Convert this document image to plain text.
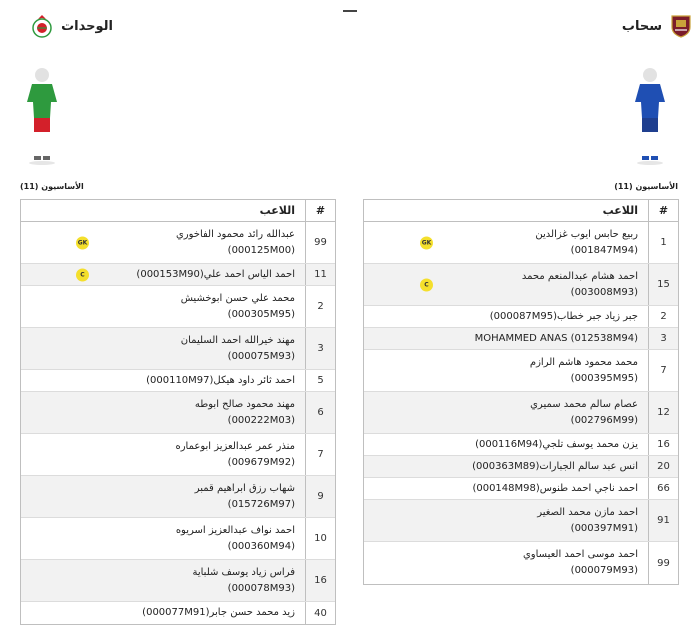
سحاب
الوحدات
الأساسيون (11)
الأساسيون (11)
#
اللاعب
1
ربيع حابس ايوب غزالدين
(001847M94)
GK
15
احمد هشام عبدالمنعم محمد
(003008M93)
C
2
جبر زياد جبر خطاب(000087M95)
3
MOHAMMED ANAS (012538M94)
7
محمد محمود هاشم الرازم
(000395M95)
12
عصام سالم محمد سميري
(002796M99)
16
يزن محمد يوسف تلجي(000116M94)
20
انس عبد سالم الجبارات(000363M89)
66
احمد ناجي احمد طنوس(000148M98)
91
احمد مازن محمد الصغير
(000397M91)
99
احمد موسى احمد العيساوي
(000079M93)
#
اللاعب
99
عبدالله رائد محمود الفاخوري
(000125M00)
GK
11
احمد الياس احمد علي(000153M90)
C
2
محمد علي حسن ابوخشيش
(000305M95)
3
مهند خيرالله احمد السليمان
(000075M93)
5
احمد ثائر داود هيكل(000110M97)
6
مهند محمود صالح ابوطه
(000222M03)
7
منذر عمر عبدالعزيز ابوعماره
(009679M92)
9
شهاب رزق ابراهيم قمبر
(015726M97)
10
احمد نواف عبدالعزيز اسريوه
(000360M94)
16
فراس زياد يوسف شلباية
(000078M93)
40
زيد محمد حسن جابر(000077M91)
